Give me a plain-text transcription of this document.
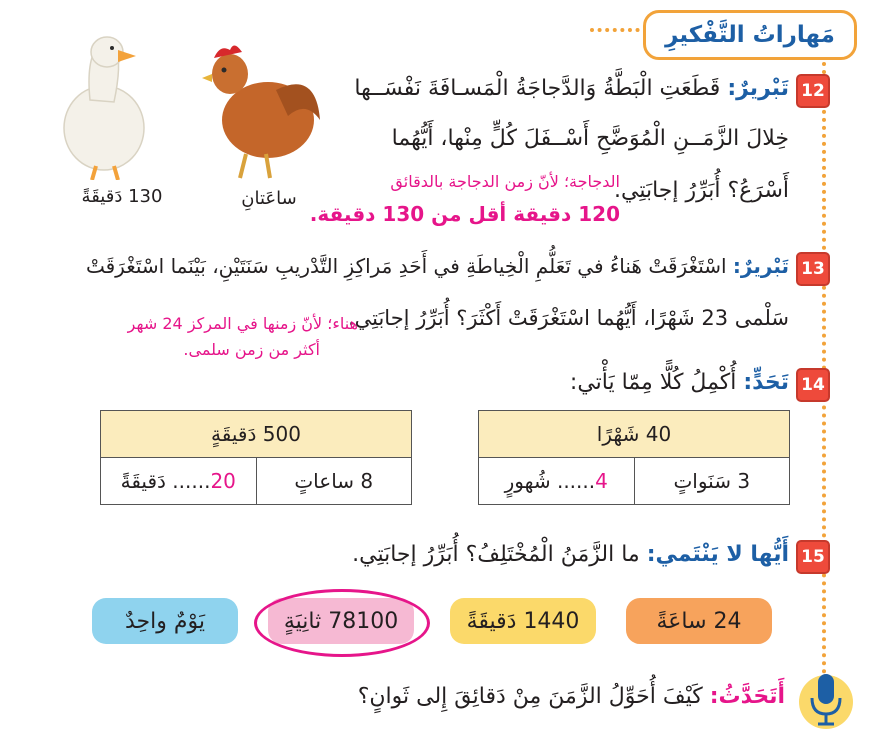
مَهاراتُ التَّفْكيرِ
12
تَبْريرٌ: قَطَعَتِ الْبَطَّةُ وَالدَّجاجَةُ الْمَسـافَةَ نَفْسَــها
خِلالَ الزَّمَــنِ الْمُوَضَّحِ أَسْــفَلَ كُلٍّ مِنْها، أَيُّهُما
أَسْرَعُ؟ أُبَرِّرُ إجابَتِي.
الدجاجة؛ لأنّ زمن الدجاجة بالدقائق
120 دقيقة أقل من 130 دقيقة.
130 دَقيقَةً	ساعَتانِ
13
تَبْريرٌ: اسْتَغْرَقَتْ هَناءُ في تَعَلُّمِ الْخِياطَةِ في أَحَدِ مَراكِزِ التَّدْريبِ سَنَتَيْنِ، بَيْنَما اسْتَغْرَقَتْ
سَلْمى 23 شَهْرًا، أَيُّهُما اسْتَغْرَقَتْ أَكْثَرَ؟ أُبَرِّرُ إجابَتِي.
هناء؛ لأنّ زمنها في المركز 24 شهر
أكثر من زمن سلمى.
14
تَحَدٍّ: أُكْمِلُ كُلًّا مِمّا يَأْتي:
40 شَهْرًا
4...... شُهورٍ	3 سَنَواتٍ
500 دَقيقَةٍ
20...... دَقيقَةً	8 ساعاتٍ
15
أَيُّها لا يَنْتَمي: ما الزَّمَنُ الْمُخْتَلِفُ؟ أُبَرِّرُ إجابَتِي.
24 ساعَةً
1440 دَقيقَةً
78100 ثانِيَةٍ
يَوْمٌ واحِدٌ
أَتَحَدَّثُ: كَيْفَ أُحَوِّلُ الزَّمَنَ مِنْ دَقائِقَ إِلى ثَوانٍ؟
